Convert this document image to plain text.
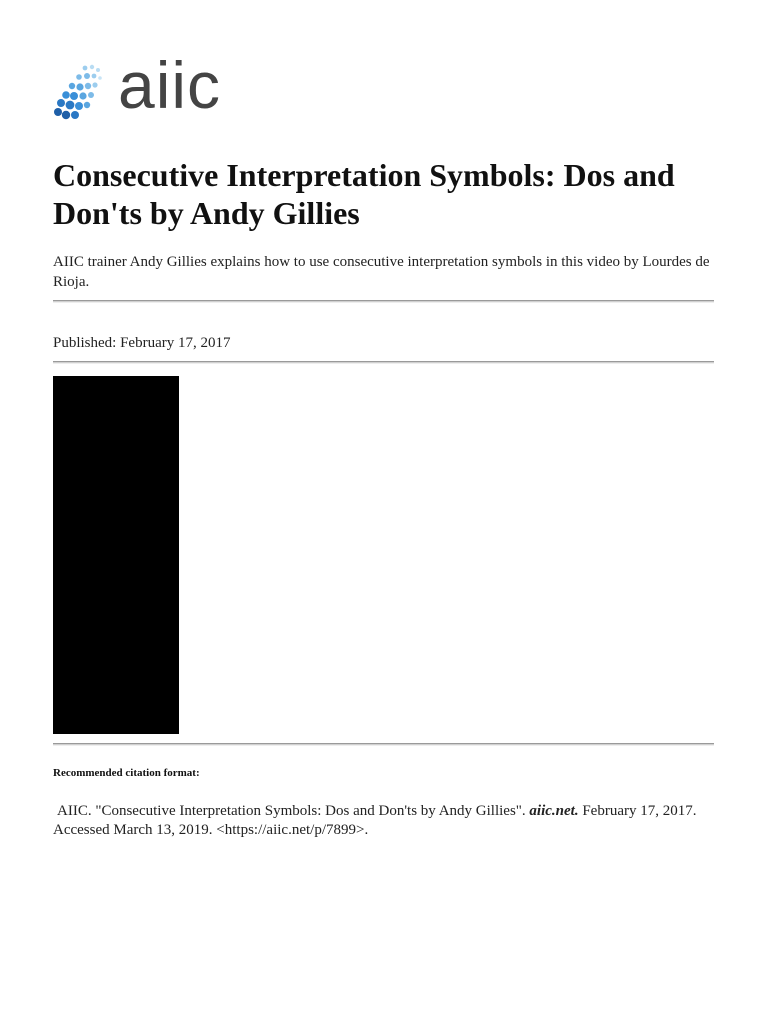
aiic
Consecutive Interpretation Symbols: Dos and Don'ts by Andy Gillies

AIIC trainer Andy Gillies explains how to use consecutive interpretation symbols in this video by Lourdes de Rioja.

Published: February 17, 2017

Recommended citation format:

AIIC. "Consecutive Interpretation Symbols: Dos and Don'ts by Andy Gillies". aiic.net. February 17, 2017. Accessed March 13, 2019. <https://aiic.net/p/7899>.
